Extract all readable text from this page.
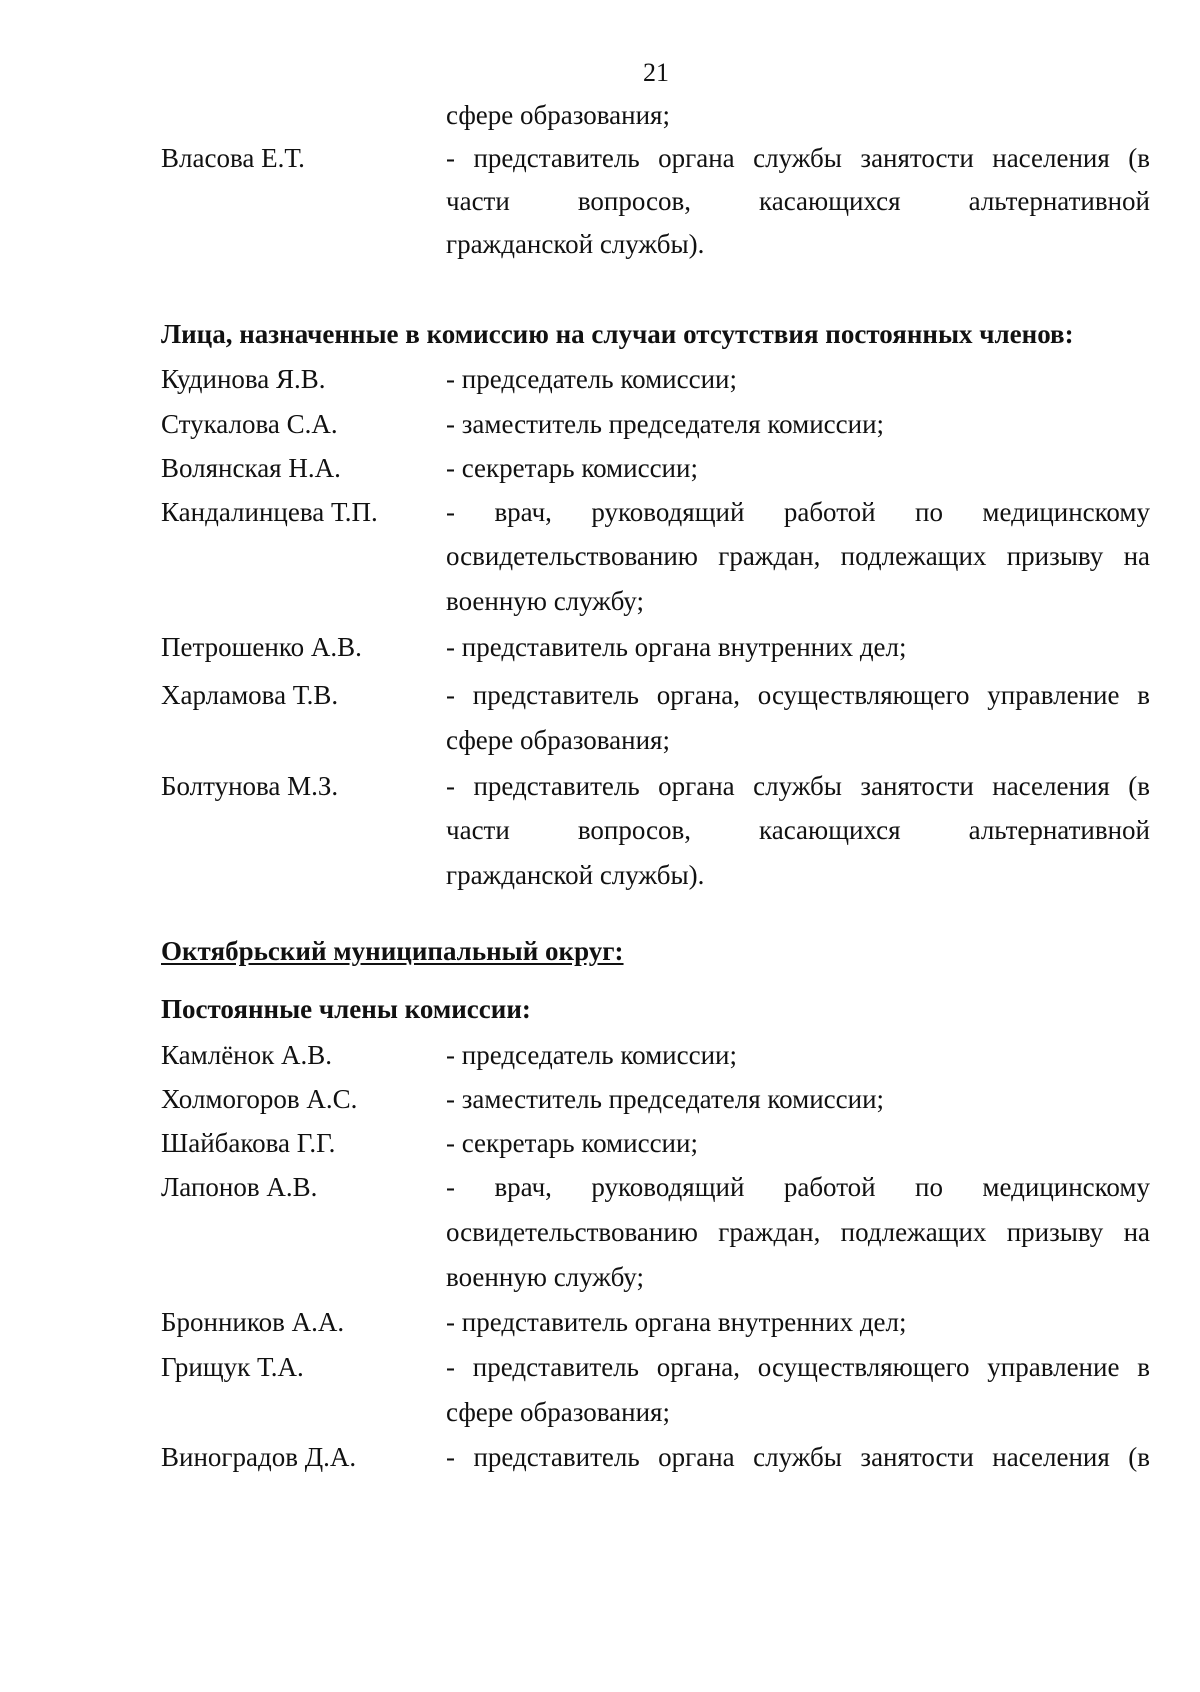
21
сфере образования;
Власова Е.Т.	- представитель органа службы занятости населения (в
части вопросов, касающихся альтернативной
гражданской службы).
Лица, назначенные в комиссию на случаи отсутствия постоянных членов:
Кудинова Я.В.	- председатель комиссии;
Стукалова С.А.	- заместитель председателя комиссии;
Волянская Н.А.	- секретарь комиссии;
Кандалинцева Т.П.	- врач, руководящий работой по медицинскому
освидетельствованию граждан, подлежащих призыву на
военную службу;
Петрошенко А.В.	- представитель органа внутренних дел;
Харламова Т.В.	- представитель органа, осуществляющего управление в
сфере образования;
Болтунова М.З.	- представитель органа службы занятости населения (в
части вопросов, касающихся альтернативной
гражданской службы).
Октябрьский муниципальный округ:
Постоянные члены комиссии:
Камлёнок А.В.	- председатель комиссии;
Холмогоров А.С.	- заместитель председателя комиссии;
Шайбакова Г.Г.	- секретарь комиссии;
Лапонов А.В.	- врач, руководящий работой по медицинскому
освидетельствованию граждан, подлежащих призыву на
военную службу;
Бронников А.А.	- представитель органа внутренних дел;
Грищук Т.А.	- представитель органа, осуществляющего управление в
сфере образования;
Виноградов Д.А.	- представитель органа службы занятости населения (в
